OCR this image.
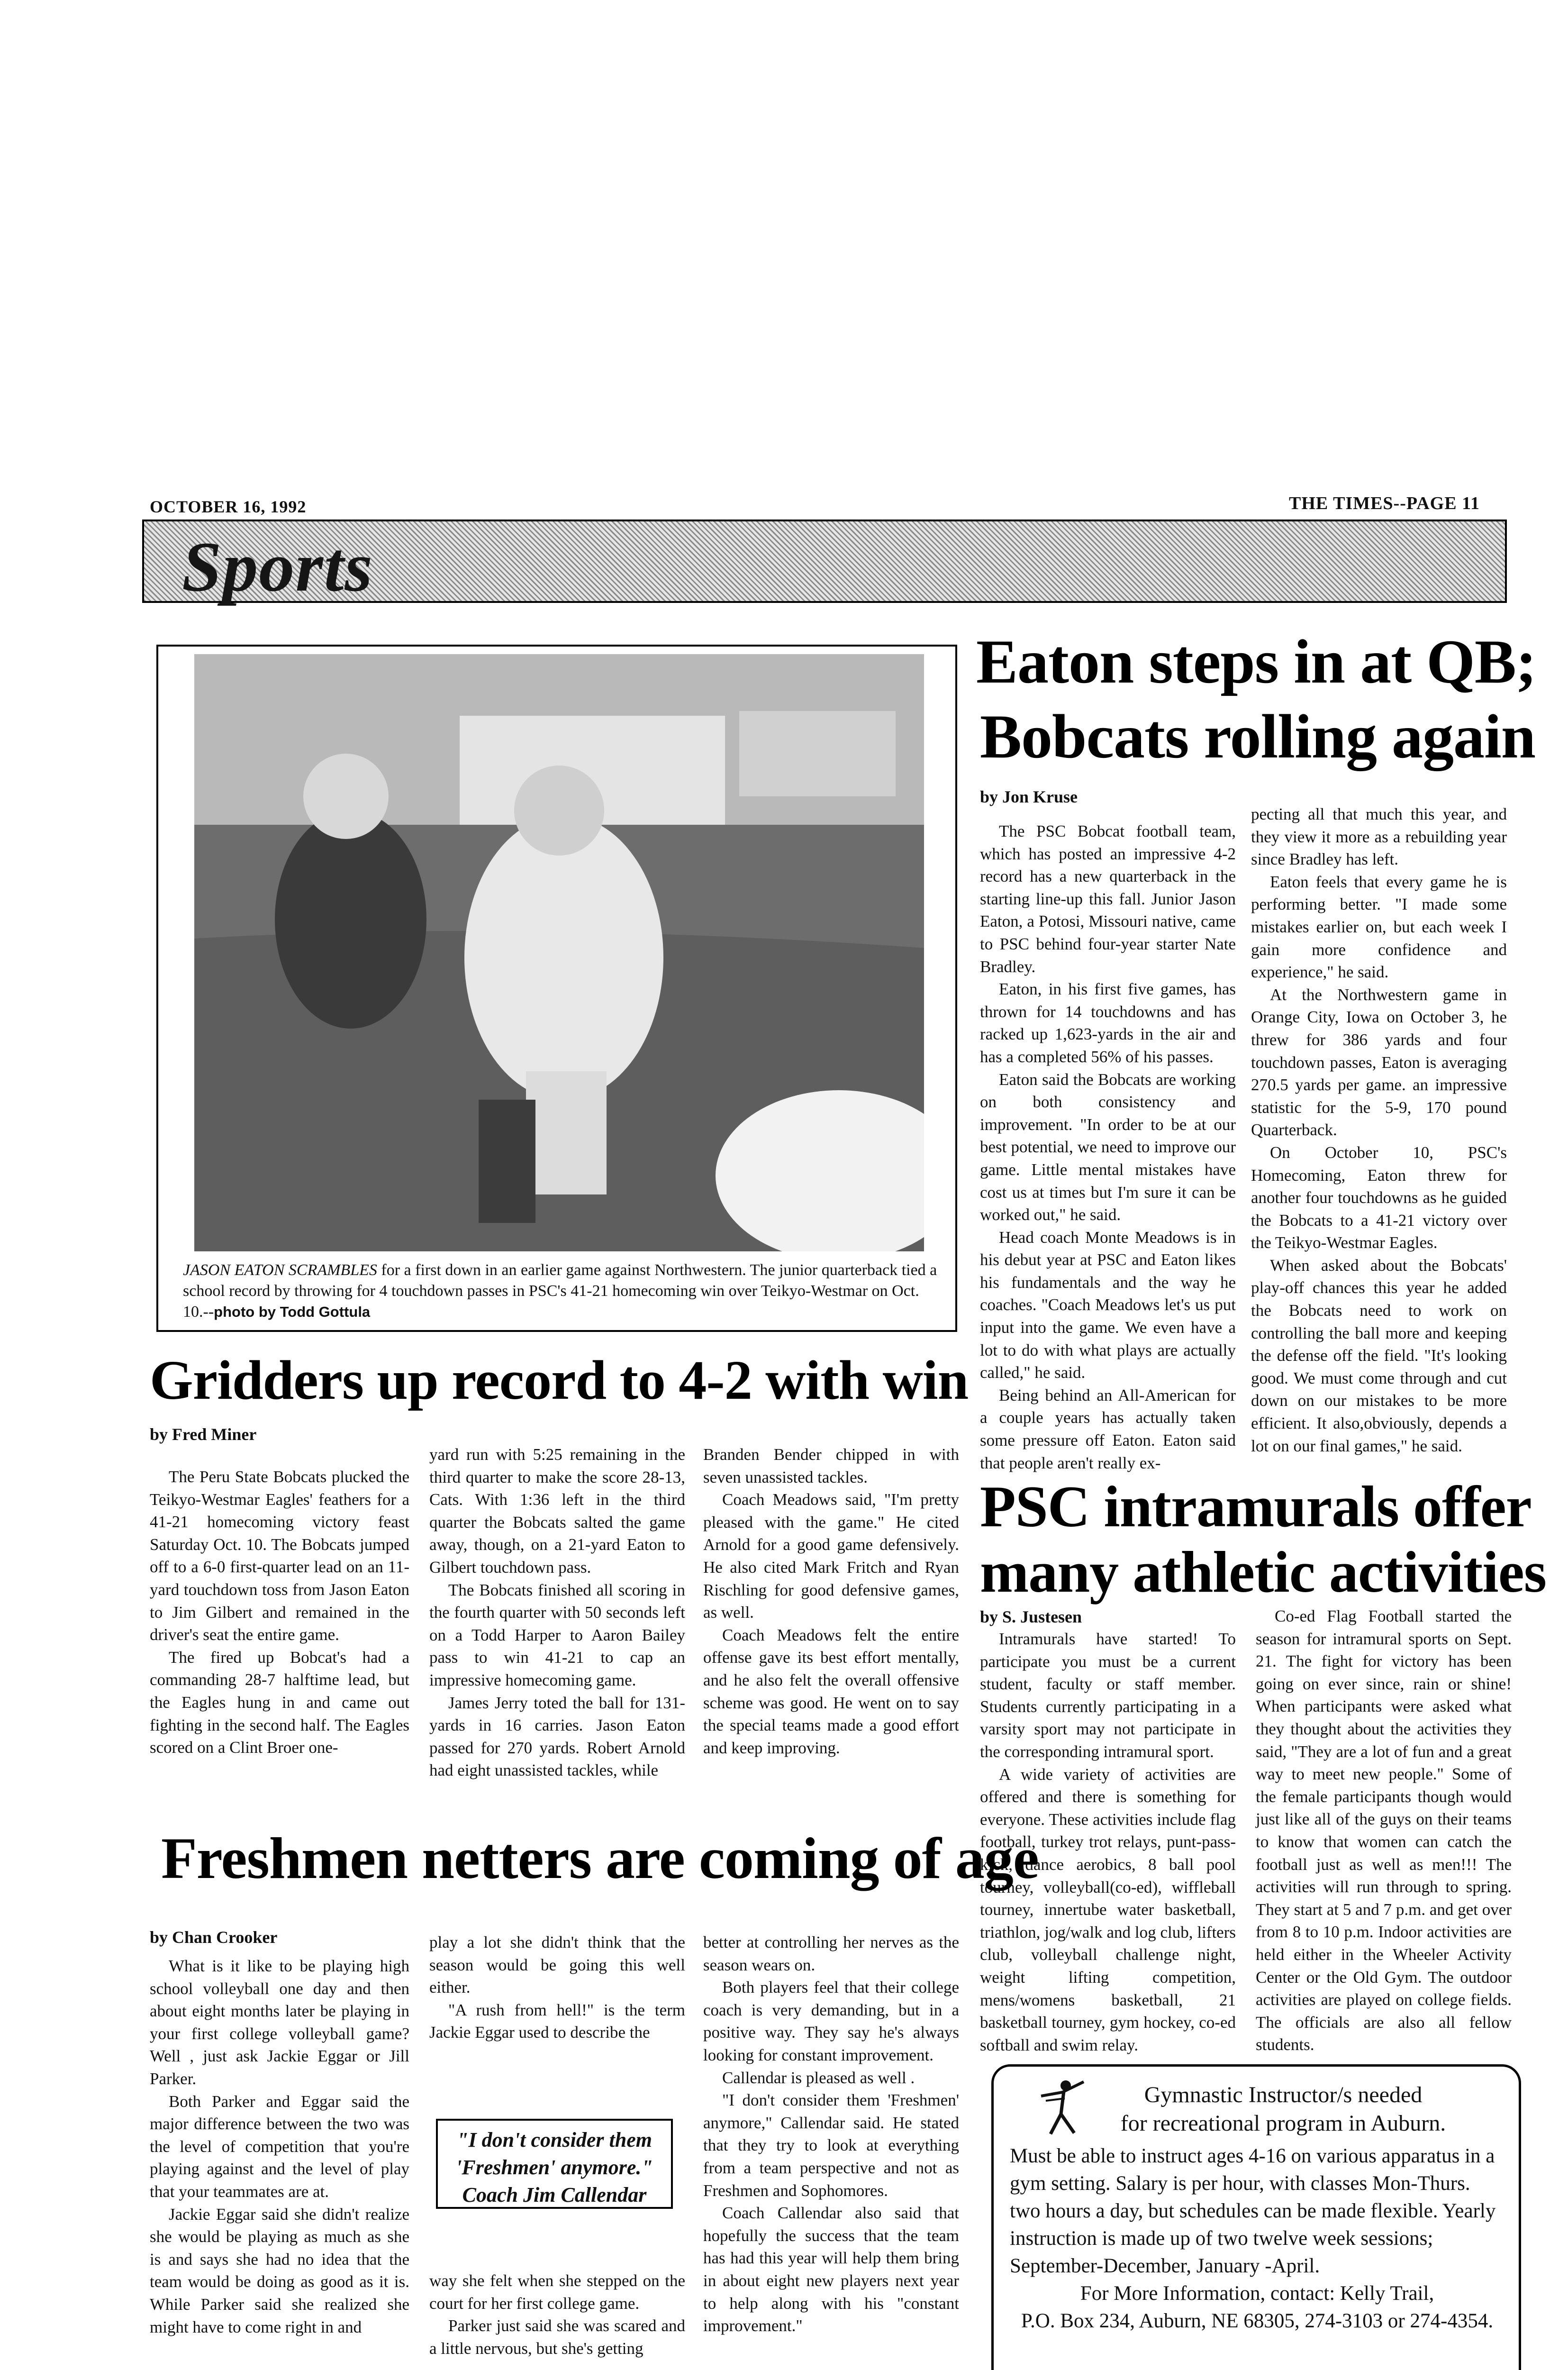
OCTOBER 16, 1992	THE TIMES--PAGE 11
Sports
JASON EATON SCRAMBLES for a first down in an earlier game against Northwestern. The junior quarterback tied a school record by throwing for 4 touchdown passes in PSC's 41-21 homecoming win over Teikyo-Westmar on Oct. 10.--photo by Todd Gottula
Eaton steps in at QB;
Bobcats rolling again
by Jon Kruse

The PSC Bobcat football team, which has posted an impressive 4-2 record has a new quarterback in the starting line-up this fall. Junior Jason Eaton, a Potosi, Missouri native, came to PSC behind four-year starter Nate Bradley.

Eaton, in his first five games, has thrown for 14 touchdowns and has racked up 1,623-yards in the air and has a completed 56% of his passes.

Eaton said the Bobcats are working on both consistency and improvement. "In order to be at our best potential, we need to improve our game. Little mental mistakes have cost us at times but I'm sure it can be worked out," he said.

Head coach Monte Meadows is in his debut year at PSC and Eaton likes his fundamentals and the way he coaches. "Coach Meadows let's us put input into the game. We even have a lot to do with what plays are actually called," he said.

Being behind an All-American for a couple years has actually taken some pressure off Eaton. Eaton said that people aren't really ex-

pecting all that much this year, and they view it more as a rebuilding year since Bradley has left.

Eaton feels that every game he is performing better. "I made some mistakes earlier on, but each week I gain more confidence and experience," he said.

At the Northwestern game in Orange City, Iowa on October 3, he threw for 386 yards and four touchdown passes, Eaton is averaging 270.5 yards per game. an impressive statistic for the 5-9, 170 pound Quarterback.

On October 10, PSC's Homecoming, Eaton threw for another four touchdowns as he guided the Bobcats to a 41-21 victory over the Teikyo-Westmar Eagles.

When asked about the Bobcats' play-off chances this year he added the Bobcats need to work on controlling the ball more and keeping the defense off the field. "It's looking good. We must come through and cut down on our mistakes to be more efficient. It also,obviously, depends a lot on our final games," he said.

Gridders up record to 4-2 with win
by Fred Miner

The Peru State Bobcats plucked the Teikyo-Westmar Eagles' feathers for a 41-21 homecoming victory feast Saturday Oct. 10. The Bobcats jumped off to a 6-0 first-quarter lead on an 11-yard touchdown toss from Jason Eaton to Jim Gilbert and remained in the driver's seat the entire game.

The fired up Bobcat's had a commanding 28-7 halftime lead, but the Eagles hung in and came out fighting in the second half. The Eagles scored on a Clint Broer one-

yard run with 5:25 remaining in the third quarter to make the score 28-13, Cats. With 1:36 left in the third quarter the Bobcats salted the game away, though, on a 21-yard Eaton to Gilbert touchdown pass.

The Bobcats finished all scoring in the fourth quarter with 50 seconds left on a Todd Harper to Aaron Bailey pass to win 41-21 to cap an impressive homecoming game.

James Jerry toted the ball for 131-yards in 16 carries. Jason Eaton passed for 270 yards. Robert Arnold had eight unassisted tackles, while

Branden Bender chipped in with seven unassisted tackles.

Coach Meadows said, "I'm pretty pleased with the game." He cited Arnold for a good game defensively. He also cited Mark Fritch and Ryan Rischling for good defensive games, as well.

Coach Meadows felt the entire offense gave its best effort mentally, and he also felt the overall offensive scheme was good. He went on to say the special teams made a good effort and keep improving.

PSC intramurals offer
many athletic activities
by S. Justesen

Intramurals have started! To participate you must be a current student, faculty or staff member. Students currently participating in a varsity sport may not participate in the corresponding intramural sport.

A wide variety of activities are offered and there is something for everyone. These activities include flag football, turkey trot relays, punt-pass-kick, dance aerobics, 8 ball pool tourney, volleyball(co-ed), wiffleball tourney, innertube water basketball, triathlon, jog/walk and log club, lifters club, volleyball challenge night, weight lifting competition, mens/womens basketball, 21 basketball tourney, gym hockey, co-ed softball and swim relay.

Co-ed Flag Football started the season for intramural sports on Sept. 21. The fight for victory has been going on ever since, rain or shine! When participants were asked what they thought about the activities they said, "They are a lot of fun and a great way to meet new people." Some of the female participants though would just like all of the guys on their teams to know that women can catch the football just as well as men!!! The activities will run through to spring. They start at 5 and 7 p.m. and get over from 8 to 10 p.m. Indoor activities are held either in the Wheeler Activity Center or the Old Gym. The outdoor activities are played on college fields. The officials are also all fellow students.

Freshmen netters are coming of age
by Chan Crooker

What is it like to be playing high school volleyball one day and then about eight months later be playing in your first college volleyball game? Well , just ask Jackie Eggar or Jill Parker.

Both Parker and Eggar said the major difference between the two was the level of competition that you're playing against and the level of play that your teammates are at.

Jackie Eggar said she didn't realize she would be playing as much as she is and says she had no idea that the team would be doing as good as it is. While Parker said she realized she might have to come right in and

play a lot she didn't think that the season would be going this well either.

"A rush from hell!" is the term Jackie Eggar used to describe the

"I don't consider them
'Freshmen' anymore."
Coach Jim Callendar

way she felt when she stepped on the court for her first college game.

Parker just said she was scared and a little nervous, but she's getting

better at controlling her nerves as the season wears on.

Both players feel that their college coach is very demanding, but in a positive way. They say he's always looking for constant improvement.

Callendar is pleased as well .

"I don't consider them 'Freshmen' anymore," Callendar said. He stated that they try to look at everything from a team perspective and not as Freshmen and Sophomores.

Coach Callendar also said that hopefully the success that the team has had this year will help them bring in about eight new players next year to help along with his "constant improvement."

Gymnastic Instructor/s needed
for recreational program in Auburn.
Must be able to instruct ages 4-16 on various apparatus in a gym setting. Salary is per hour, with classes Mon-Thurs. two hours a day, but schedules can be made flexible. Yearly instruction is made up of two twelve week sessions; September-December, January -April.
For More Information, contact: Kelly Trail,
P.O. Box 234, Auburn, NE 68305, 274-3103 or 274-4354.
